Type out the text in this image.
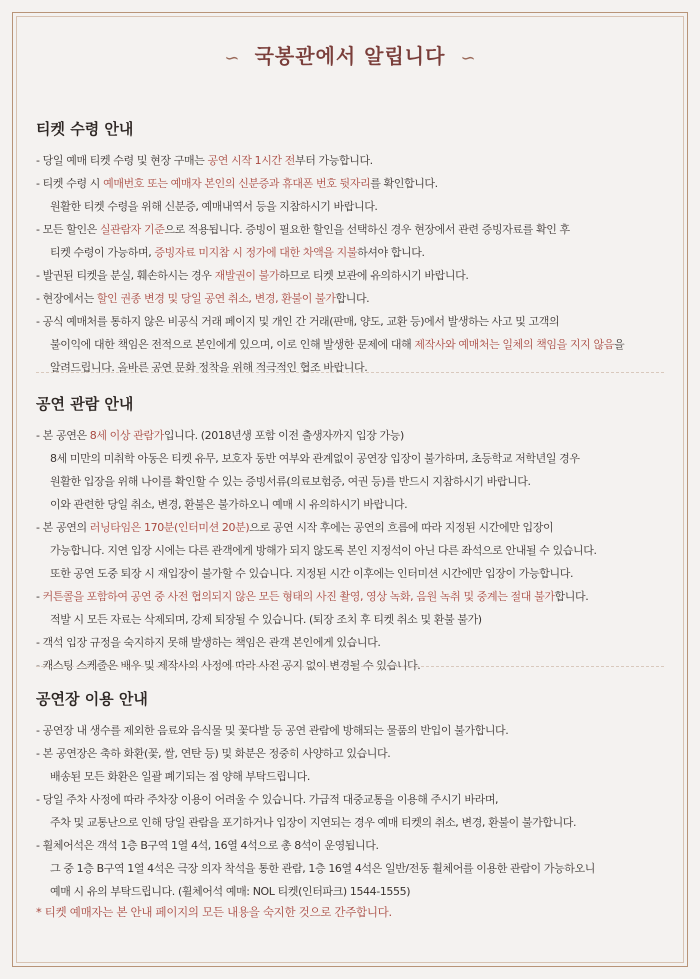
∽ 국봉관에서 알립니다 ∽
티켓 수령 안내
- 당일 예매 티켓 수령 및 현장 구매는 공연 시작 1시간 전부터 가능합니다.
- 티켓 수령 시 예매번호 또는 예매자 본인의 신분증과 휴대폰 번호 뒷자리를 확인합니다.
원활한 티켓 수령을 위해 신분증, 예매내역서 등을 지참하시기 바랍니다.
- 모든 할인은 실관람자 기준으로 적용됩니다. 증빙이 필요한 할인을 선택하신 경우 현장에서 관련 증빙자료를 확인 후
티켓 수령이 가능하며, 증빙자료 미지참 시 정가에 대한 차액을 지불하셔야 합니다.
- 발권된 티켓을 분실, 훼손하시는 경우 재발권이 불가하므로 티켓 보관에 유의하시기 바랍니다.
- 현장에서는 할인 권종 변경 및 당일 공연 취소, 변경, 환불이 불가합니다.
- 공식 예매처를 통하지 않은 비공식 거래 페이지 및 개인 간 거래(판매, 양도, 교환 등)에서 발생하는 사고 및 고객의
불이익에 대한 책임은 전적으로 본인에게 있으며, 이로 인해 발생한 문제에 대해 제작사와 예매처는 일체의 책임을 지지 않음을
알려드립니다. 올바른 공연 문화 정착을 위해 적극적인 협조 바랍니다.
공연 관람 안내
- 본 공연은 8세 이상 관람가입니다. (2018년생 포함 이전 출생자까지 입장 가능)
8세 미만의 미취학 아동은 티켓 유무, 보호자 동반 여부와 관계없이 공연장 입장이 불가하며, 초등학교 저학년일 경우
원활한 입장을 위해 나이를 확인할 수 있는 증빙서류(의료보험증, 여권 등)를 반드시 지참하시기 바랍니다.
이와 관련한 당일 취소, 변경, 환불은 불가하오니 예매 시 유의하시기 바랍니다.
- 본 공연의 러닝타임은 170분(인터미션 20분)으로 공연 시작 후에는 공연의 흐름에 따라 지정된 시간에만 입장이
가능합니다. 지연 입장 시에는 다른 관객에게 방해가 되지 않도록 본인 지정석이 아닌 다른 좌석으로 안내될 수 있습니다.
또한 공연 도중 퇴장 시 재입장이 불가할 수 있습니다. 지정된 시간 이후에는 인터미션 시간에만 입장이 가능합니다.
- 커튼콜을 포함하여 공연 중 사전 협의되지 않은 모든 형태의 사진 촬영, 영상 녹화, 음원 녹취 및 중계는 절대 불가합니다.
적발 시 모든 자료는 삭제되며, 강제 퇴장될 수 있습니다. (퇴장 조치 후 티켓 취소 및 환불 불가)
- 객석 입장 규정을 숙지하지 못해 발생하는 책임은 관객 본인에게 있습니다.
- 캐스팅 스케줄은 배우 및 제작사의 사정에 따라 사전 공지 없이 변경될 수 있습니다.
공연장 이용 안내
- 공연장 내 생수를 제외한 음료와 음식물 및 꽃다발 등 공연 관람에 방해되는 물품의 반입이 불가합니다.
- 본 공연장은 축하 화환(꽃, 쌀, 연탄 등) 및 화분은 정중히 사양하고 있습니다.
배송된 모든 화환은 일괄 폐기되는 점 양해 부탁드립니다.
- 당일 주차 사정에 따라 주차장 이용이 어려울 수 있습니다. 가급적 대중교통을 이용해 주시기 바라며,
주차 및 교통난으로 인해 당일 관람을 포기하거나 입장이 지연되는 경우 예매 티켓의 취소, 변경, 환불이 불가합니다.
- 휠체어석은 객석 1층 B구역 1열 4석, 16열 4석으로 총 8석이 운영됩니다.
그 중 1층 B구역 1열 4석은 극장 의자 착석을 통한 관람, 1층 16열 4석은 일반/전동 휠체어를 이용한 관람이 가능하오니
예매 시 유의 부탁드립니다. (휠체어석 예매: NOL 티켓(인터파크) 1544-1555)
* 티켓 예매자는 본 안내 페이지의 모든 내용을 숙지한 것으로 간주합니다.
